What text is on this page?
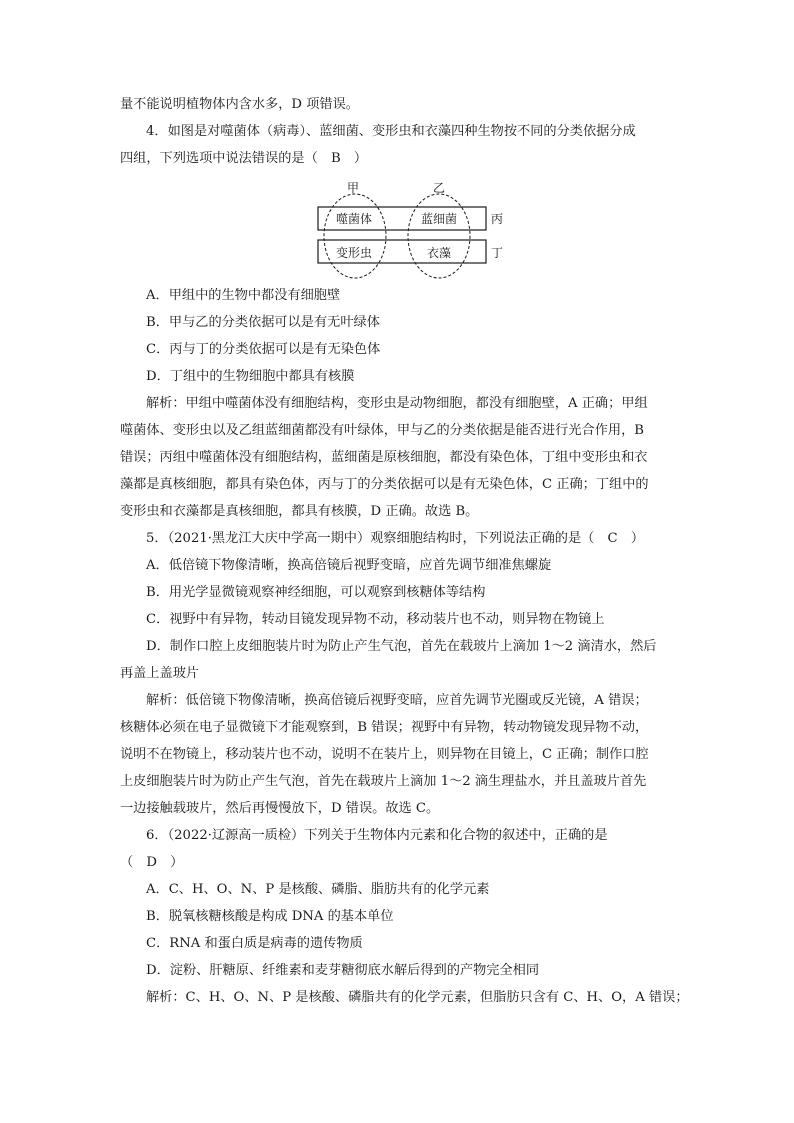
量不能说明植物体内含水多，D 项错误。
4．如图是对噬菌体（病毒）、蓝细菌、变形虫和衣藻四种生物按不同的分类依据分成
四组，下列选项中说法错误的是（　B　）
A．甲组中的生物中都没有细胞壁
B．甲与乙的分类依据可以是有无叶绿体
C．丙与丁的分类依据可以是有无染色体
D．丁组中的生物细胞中都具有核膜
解析：甲组中噬菌体没有细胞结构，变形虫是动物细胞，都没有细胞壁，A 正确；甲组
噬菌体、变形虫以及乙组蓝细菌都没有叶绿体，甲与乙的分类依据是能否进行光合作用，B
错误；丙组中噬菌体没有细胞结构，蓝细菌是原核细胞，都没有染色体，丁组中变形虫和衣
藻都是真核细胞，都具有染色体，丙与丁的分类依据可以是有无染色体，C 正确；丁组中的
变形虫和衣藻都是真核细胞，都具有核膜，D 正确。故选 B。
5．（2021·黑龙江大庆中学高一期中）观察细胞结构时，下列说法正确的是（　C　）
A．低倍镜下物像清晰，换高倍镜后视野变暗，应首先调节细准焦螺旋
B．用光学显微镜观察神经细胞，可以观察到核糖体等结构
C．视野中有异物，转动目镜发现异物不动，移动装片也不动，则异物在物镜上
D．制作口腔上皮细胞装片时为防止产生气泡，首先在载玻片上滴加 1～2 滴清水，然后
再盖上盖玻片
解析：低倍镜下物像清晰，换高倍镜后视野变暗，应首先调节光圈或反光镜，A 错误；
核糖体必须在电子显微镜下才能观察到，B 错误；视野中有异物，转动物镜发现异物不动，
说明不在物镜上，移动装片也不动，说明不在装片上，则异物在目镜上，C 正确；制作口腔
上皮细胞装片时为防止产生气泡，首先在载玻片上滴加 1～2 滴生理盐水，并且盖玻片首先
一边接触载玻片，然后再慢慢放下，D 错误。故选 C。
6．（2022·辽源高一质检）下列关于生物体内元素和化合物的叙述中，正确的是
（　D　）
A．C、H、O、N、P 是核酸、磷脂、脂肪共有的化学元素
B．脱氧核糖核酸是构成 DNA 的基本单位
C．RNA 和蛋白质是病毒的遗传物质
D．淀粉、肝糖原、纤维素和麦芽糖彻底水解后得到的产物完全相同
解析：C、H、O、N、P 是核酸、磷脂共有的化学元素，但脂肪只含有 C、H、O，A 错误；
甲	乙
丙
丁
噬菌体	蓝细菌
变形虫	衣藻
